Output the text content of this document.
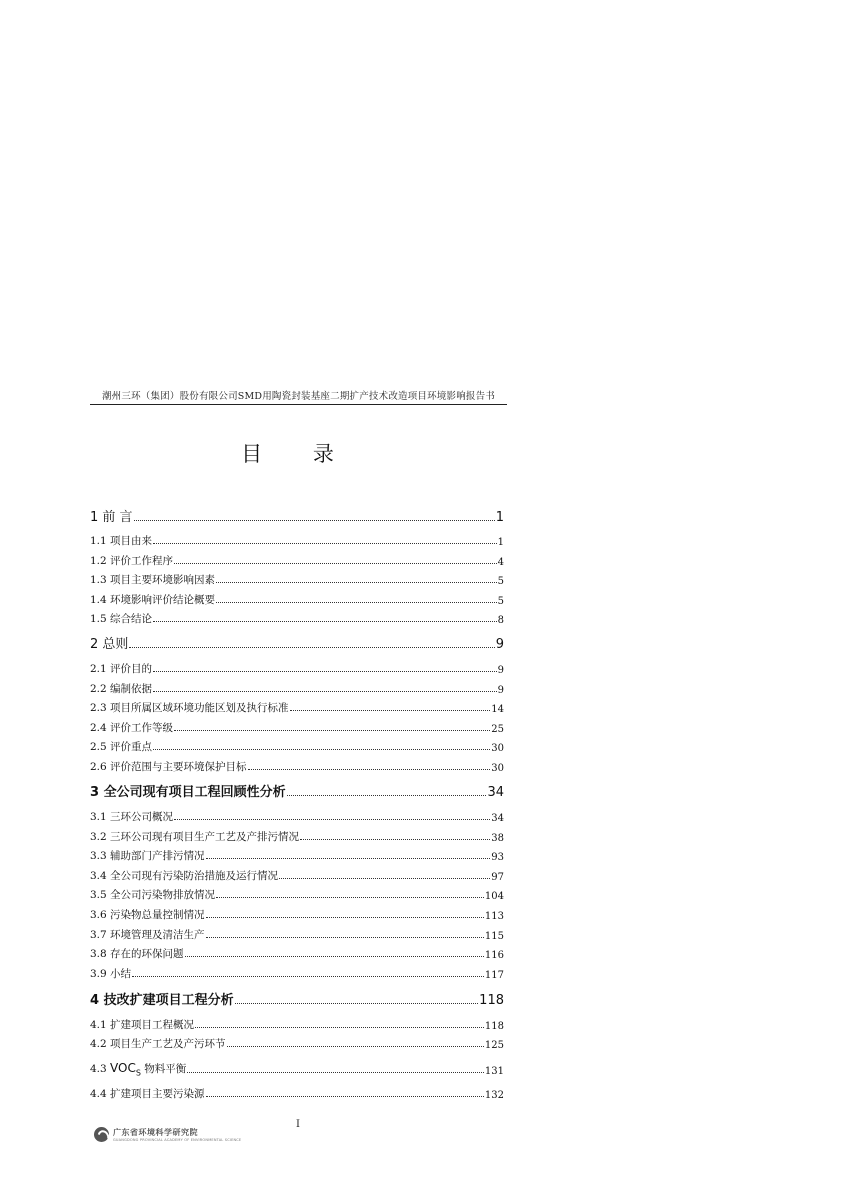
潮州三环（集团）股份有限公司SMD用陶瓷封装基座二期扩产技术改造项目环境影响报告书
目 录
1 前 言	1
1.1 项目由来	1
1.2 评价工作程序	4
1.3 项目主要环境影响因素	5
1.4 环境影响评价结论概要	5
1.5 综合结论	8
2 总则	9
2.1 评价目的	9
2.2 编制依据	9
2.3 项目所属区域环境功能区划及执行标准	14
2.4 评价工作等级	25
2.5 评价重点	30
2.6 评价范围与主要环境保护目标	30
3 全公司现有项目工程回顾性分析	34
3.1 三环公司概况	34
3.2 三环公司现有项目生产工艺及产排污情况	38
3.3 辅助部门产排污情况	93
3.4 全公司现有污染防治措施及运行情况	97
3.5 全公司污染物排放情况	104
3.6 污染物总量控制情况	113
3.7 环境管理及清洁生产	115
3.8 存在的环保问题	116
3.9 小结	117
4 技改扩建项目工程分析	118
4.1 扩建项目工程概况	118
4.2 项目生产工艺及产污环节	125
4.3 $VOC_S$ 物料平衡	131
4.4 扩建项目主要污染源	132
I
广东省环境科学研究院
GUANGDONG PROVINCIAL ACADEMY OF ENVIRONMENTAL SCIENCE
